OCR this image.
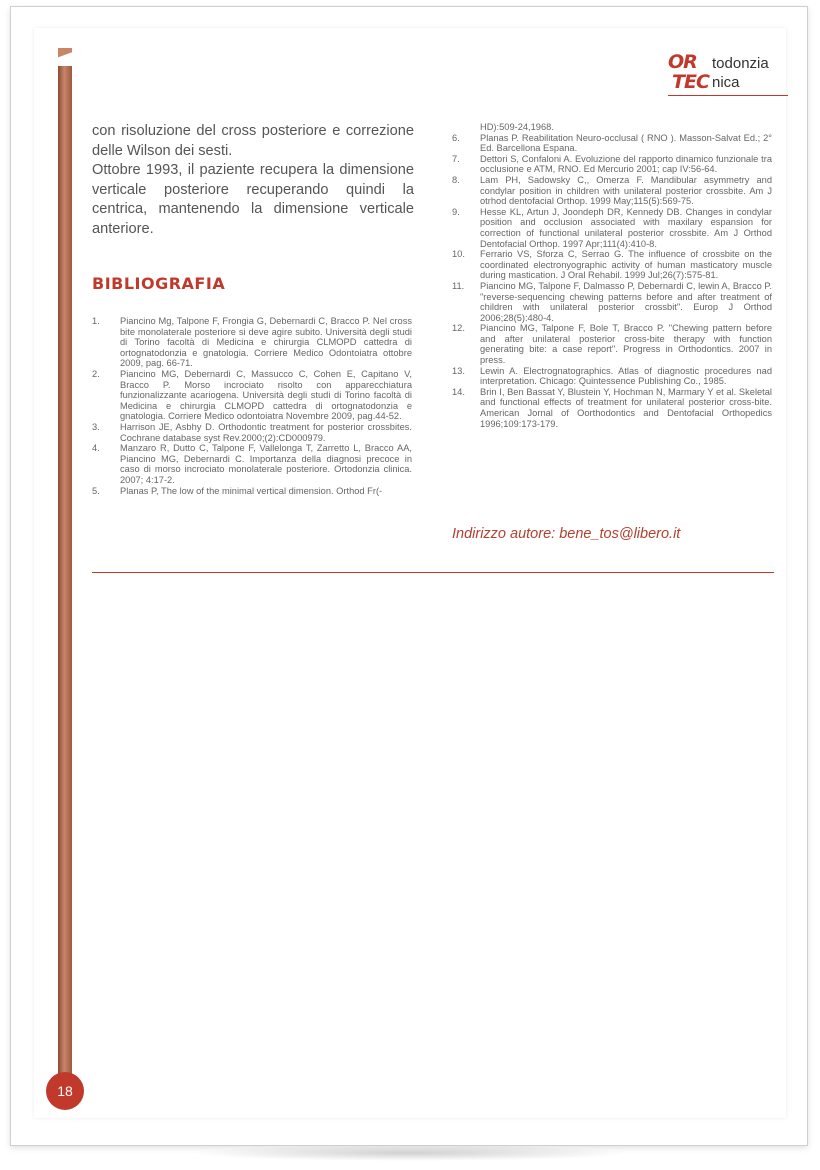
OR todonzia
TEC nica

con risoluzione del cross posteriore e correzione delle Wilson dei sesti.

Ottobre 1993, il paziente recupera la dimensione verticale posteriore recuperando quindi la centrica, mantenendo la dimensione verticale anteriore.

BIBLIOGRAFIA
1. Piancino Mg, Talpone F, Frongia G, Debernardi C, Bracco P. Nel cross bite monolaterale posteriore si deve agire subito. Università degli studi di Torino facoltà di Medicina e chirurgia CLMOPD cattedra di ortognatodonzia e gnatologia. Corriere Medico Odontoiatra ottobre 2009, pag. 66-71.
2. Piancino MG, Debernardi C, Massucco C, Cohen E, Capitano V, Bracco P. Morso incrociato risolto con apparecchiatura funzionalizzante acariogena. Università degli studi di Torino facoltà di Medicina e chirurgia CLMOPD cattedra di ortognatodonzia e gnatologia. Corriere Medico odontoiatra Novembre 2009, pag.44-52.
3. Harrison JE, Asbhy D. Orthodontic treatment for posterior crossbites. Cochrane database syst Rev.2000;(2):CD000979.
4. Manzaro R, Dutto C, Talpone F, Vallelonga T, Zarretto L, Bracco AA, Piancino MG, Debernardi C. Importanza della diagnosi precoce in caso di morso incrociato monolaterale posteriore. Ortodonzia clinica. 2007; 4:17-2.
5. Planas P, The low of the minimal vertical dimension. Orthod Fr(-
HD):509-24,1968.
6. Planas P. Reabilitation Neuro-occlusal ( RNO ). Masson-Salvat Ed.; 2° Ed. Barcellona Espana.
7. Dettori S, Confaloni A. Evoluzione del rapporto dinamico funzionale tra occlusione e ATM, RNO. Ed Mercurio 2001; cap IV:56-64.
8. Lam PH, Sadowsky C,, Omerza F. Mandibular asymmetry and condylar position in children with unilateral posterior crossbite. Am J otrhod dentofacial Orthop. 1999 May;115(5):569-75.
9. Hesse KL, Artun J, Joondeph DR, Kennedy DB. Changes in condylar position and occlusion associated with maxilary espansion for correction of functional unilateral posterior crossbite. Am J Orthod Dentofacial Orthop. 1997 Apr;111(4):410-8.
10. Ferrario VS, Sforza C, Serrao G. The influence of crossbite on the coordinated electronyographic activity of human masticatory muscle during mastication. J Oral Rehabil. 1999 Jul;26(7):575-81.
11. Piancino MG, Talpone F, Dalmasso P, Debernardi C, lewin A, Bracco P. "reverse-sequencing chewing patterns before and after treatment of children with unilateral posterior crossbit". Europ J Orthod 2006;28(5):480-4.
12. Piancino MG, Talpone F, Bole T, Bracco P. "Chewing pattern before and after unilateral posterior cross-bite therapy with function generating bite: a case report". Progress in Orthodontics. 2007 in press.
13. Lewin A. Electrognatographics. Atlas of diagnostic procedures nad interpretation. Chicago: Quintessence Publishing Co., 1985.
14. Brin I, Ben Bassat Y, Blustein Y, Hochman N, Marmary Y et al. Skeletal and functional effects of treatment for unilateral posterior cross-bite. American Jornal of Oorthodontics and Dentofacial Orthopedics 1996;109:173-179.
Indirizzo autore: bene_tos@libero.it
18
